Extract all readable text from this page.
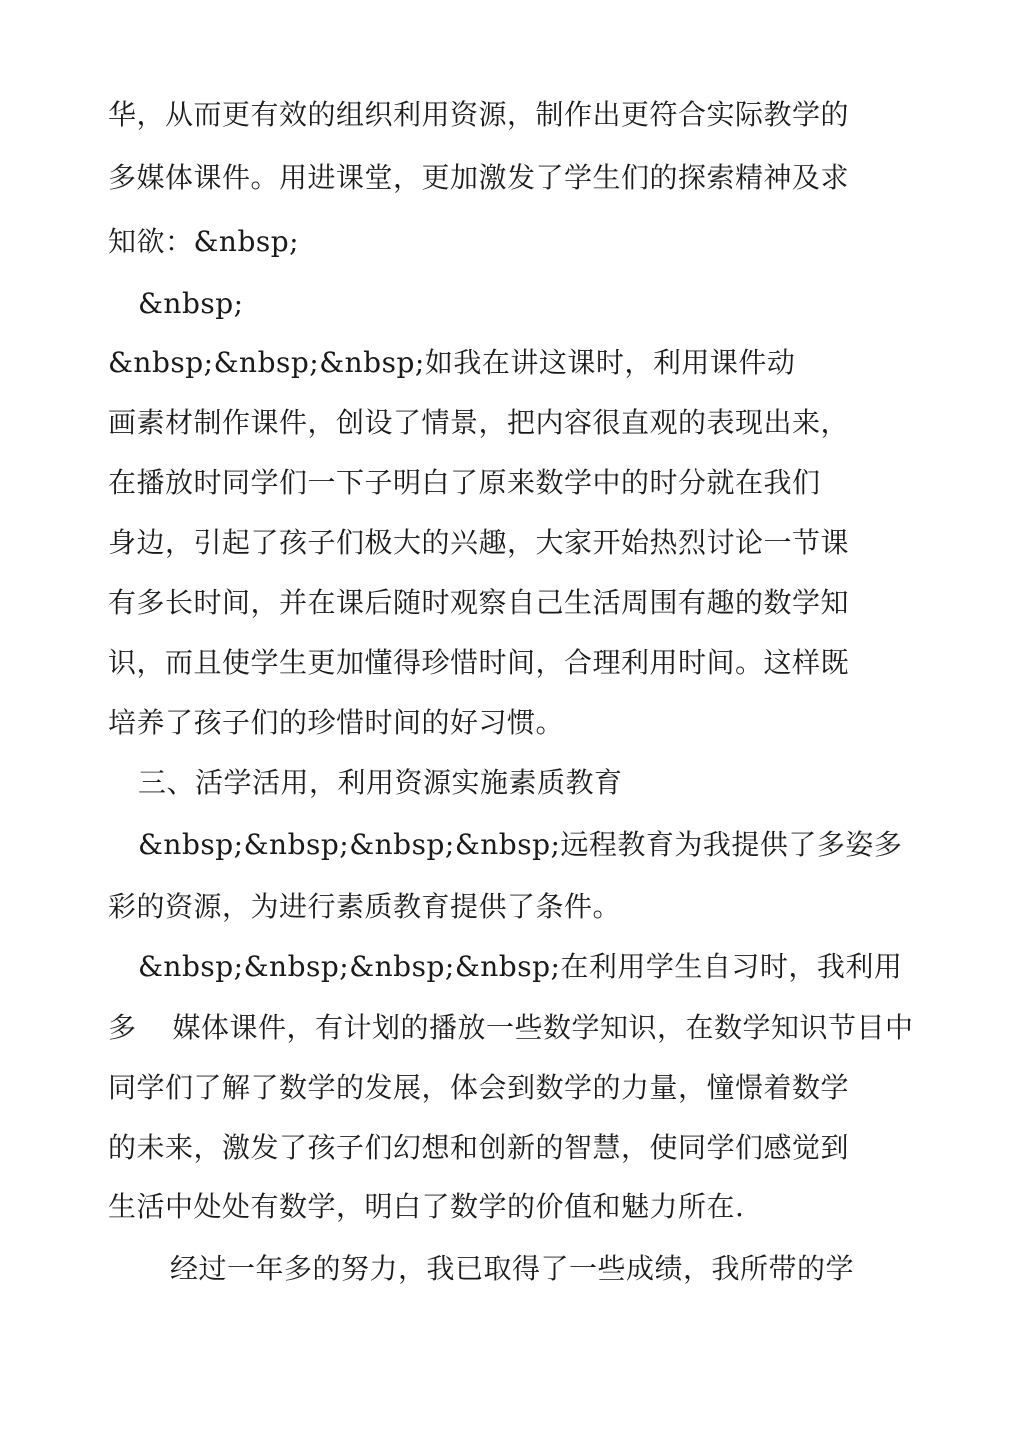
华，从而更有效的组织利用资源，制作出更符合实际教学的
多媒体课件。用进课堂，更加激发了学生们的探索精神及求
知欲：&nbsp;
&nbsp;
&nbsp;&nbsp;&nbsp;如我在讲这课时，利用课件动
画素材制作课件，创设了情景，把内容很直观的表现出来，
在播放时同学们一下子明白了原来数学中的时分就在我们
身边，引起了孩子们极大的兴趣，大家开始热烈讨论一节课
有多长时间，并在课后随时观察自己生活周围有趣的数学知
识，而且使学生更加懂得珍惜时间，合理利用时间。这样既
培养了孩子们的珍惜时间的好习惯。
三、活学活用，利用资源实施素质教育
&nbsp;&nbsp;&nbsp;&nbsp;远程教育为我提供了多姿多
彩的资源，为进行素质教育提供了条件。
&nbsp;&nbsp;&nbsp;&nbsp;在利用学生自习时，我利用
多 媒体课件，有计划的播放一些数学知识，在数学知识节目中
同学们了解了数学的发展，体会到数学的力量，憧憬着数学
的未来，激发了孩子们幻想和创新的智慧，使同学们感觉到
生活中处处有数学，明白了数学的价值和魅力所在.
经过一年多的努力，我已取得了一些成绩，我所带的学
